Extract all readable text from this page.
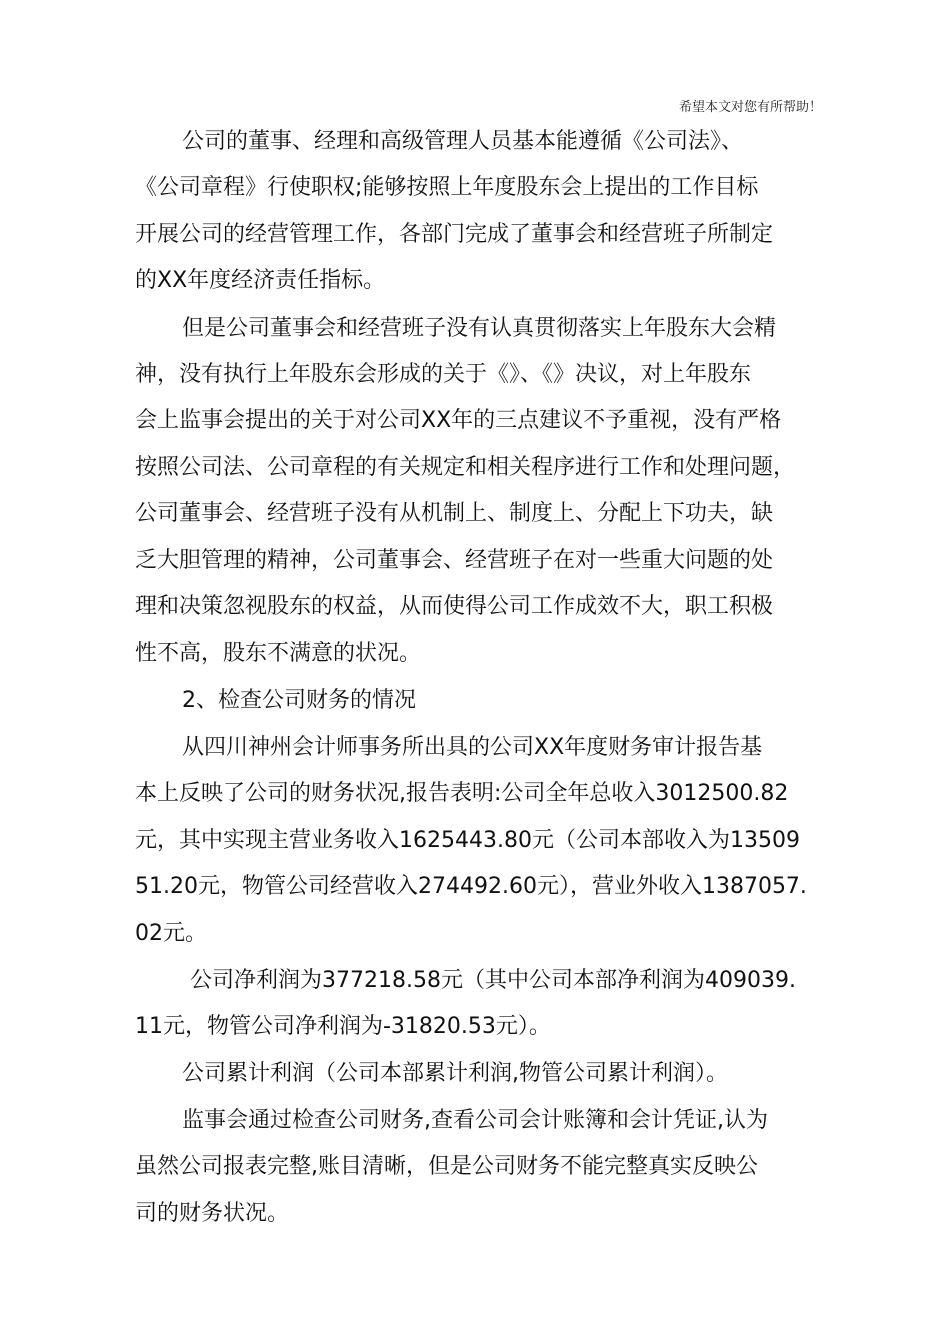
希望本文对您有所帮助！
公司的董事、经理和高级管理人员基本能遵循《公司法》、
《公司章程》行使职权;能够按照上年度股东会上提出的工作目标
开展公司的经营管理工作，各部门完成了董事会和经营班子所制定
的XX年度经济责任指标。
但是公司董事会和经营班子没有认真贯彻落实上年股东大会精
神，没有执行上年股东会形成的关于《》、《》决议，对上年股东
会上监事会提出的关于对公司XX年的三点建议不予重视，没有严格
按照公司法、公司章程的有关规定和相关程序进行工作和处理问题，
公司董事会、经营班子没有从机制上、制度上、分配上下功夫，缺
乏大胆管理的精神，公司董事会、经营班子在对一些重大问题的处
理和决策忽视股东的权益，从而使得公司工作成效不大，职工积极
性不高，股东不满意的状况。
2、检查公司财务的情况
从四川神州会计师事务所出具的公司XX年度财务审计报告基
本上反映了公司的财务状况,报告表明:公司全年总收入3012500.82
元，其中实现主营业务收入1625443.80元（公司本部收入为13509
51.20元，物管公司经营收入274492.60元），营业外收入1387057.
02元。
公司净利润为377218.58元（其中公司本部净利润为409039.
11元，物管公司净利润为-31820.53元）。
公司累计利润（公司本部累计利润,物管公司累计利润）。
监事会通过检查公司财务,查看公司会计账簿和会计凭证,认为
虽然公司报表完整,账目清晰，但是公司财务不能完整真实反映公
司的财务状况。
